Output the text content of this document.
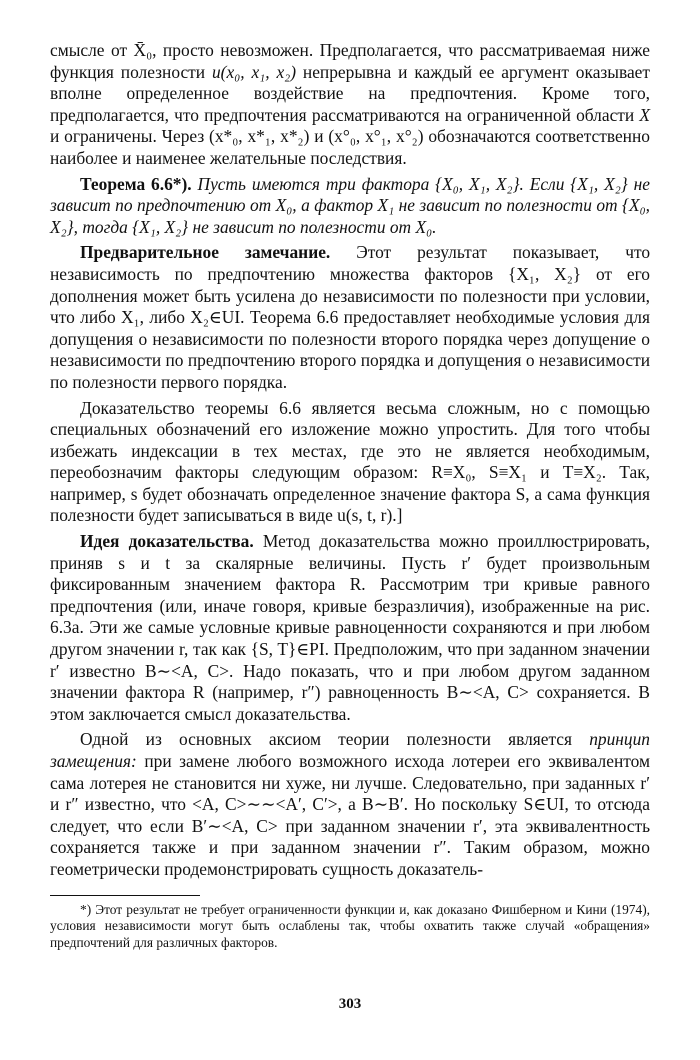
смысле от X̄₀, просто невозможен. Предполагается, что рассматриваемая ниже функция полезности u(x₀, x₁, x₂) непрерывна и каждый ее аргумент оказывает вполне определенное воздействие на предпочтения. Кроме того, предполагается, что предпочтения рассматриваются на ограниченной области X и ограничены. Через (x*₀, x*₁, x*₂) и (x°₀, x°₁, x°₂) обозначаются соответственно наиболее и наименее желательные последствия.

Теорема 6.6*). Пусть имеются три фактора {X₀, X₁, X₂}. Если {X₁, X₂} не зависит по предпочтению от X₀, а фактор X₁ не зависит по полезности от {X₀, X₂}, тогда {X₁, X₂} не зависит по полезности от X₀.

Предварительное замечание. Этот результат показывает, что независимость по предпочтению множества факторов {X₁, X₂} от его дополнения может быть усилена до независимости по полезности при условии, что либо X₁, либо X₂∈UI. Теорема 6.6 предоставляет необходимые условия для допущения о независимости по полезности второго порядка через допущение о независимости по предпочтению второго порядка и допущения о независимости по полезности первого порядка.

Доказательство теоремы 6.6 является весьма сложным, но с помощью специальных обозначений его изложение можно упростить. Для того чтобы избежать индексации в тех местах, где это не является необходимым, переобозначим факторы следующим образом: R≡X₀, S≡X₁ и T≡X₂. Так, например, s будет обозначать определенное значение фактора S, а сама функция полезности будет записываться в виде u(s, t, r).]

Идея доказательства. Метод доказательства можно проиллюстрировать, приняв s и t за скалярные величины. Пусть r′ будет произвольным фиксированным значением фактора R. Рассмотрим три кривые равного предпочтения (или, иначе говоря, кривые безразличия), изображенные на рис. 6.3а. Эти же самые условные кривые равноценности сохраняются и при любом другом значении r, так как {S, T}∈PI. Предположим, что при заданном значении r′ известно B∼<A, C>. Надо показать, что и при любом другом заданном значении фактора R (например, r″) равноценность B∼<A, C> сохраняется. В этом заключается смысл доказательства.

Одной из основных аксиом теории полезности является принцип замещения: при замене любого возможного исхода лотереи его эквивалентом сама лотерея не становится ни хуже, ни лучше. Следовательно, при заданных r′ и r″ известно, что <A, C>∼∼<A′, C′>, а B∼B′. Но поскольку S∈UI, то отсюда следует, что если B′∼<A, C> при заданном значении r′, эта эквивалентность сохраняется также и при заданном значении r″. Таким образом, можно геометрически продемонстрировать сущность доказатель-

*) Этот результат не требует ограниченности функции и, как доказано Фишберном и Кини (1974), условия независимости могут быть ослаблены так, чтобы охватить также случай «обращения» предпочтений для различных факторов.

303
